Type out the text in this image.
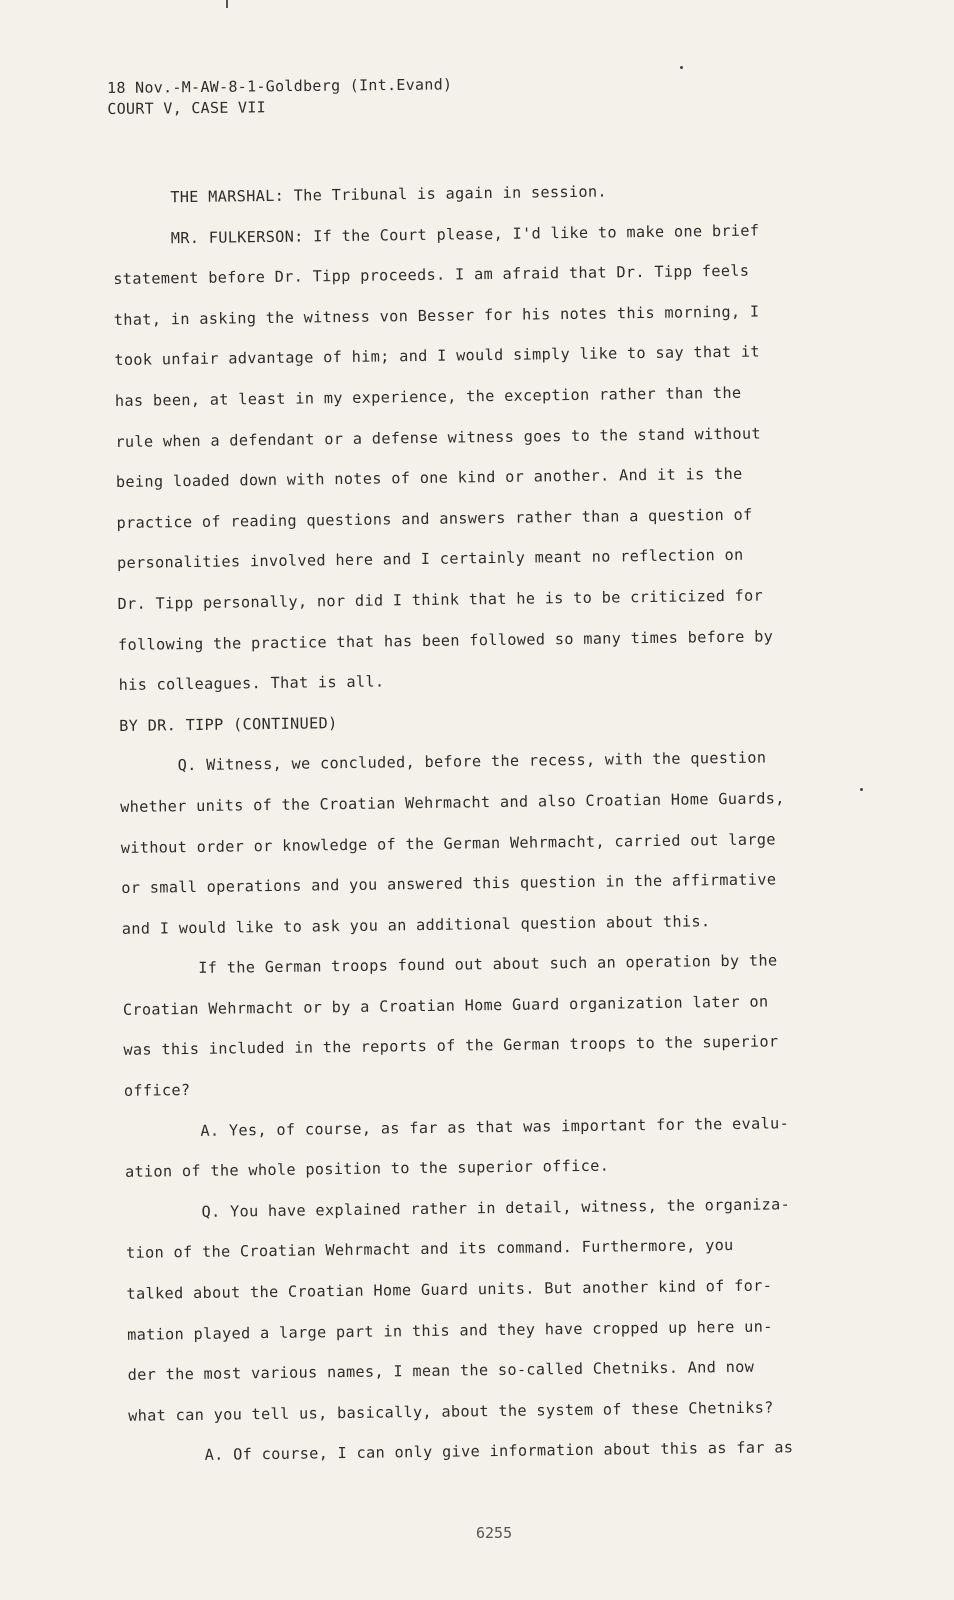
18 Nov.-M-AW-8-1-Goldberg (Int.Evand)
COURT V, CASE VII
THE MARSHAL: The Tribunal is again in session.
MR. FULKERSON: If the Court please, I'd like to make one brief
statement before Dr. Tipp proceeds. I am afraid that Dr. Tipp feels
that, in asking the witness von Besser for his notes this morning, I
took unfair advantage of him; and I would simply like to say that it
has been, at least in my experience, the exception rather than the
rule when a defendant or a defense witness goes to the stand without
being loaded down with notes of one kind or another. And it is the
practice of reading questions and answers rather than a question of
personalities involved here and I certainly meant no reflection on
Dr. Tipp personally, nor did I think that he is to be criticized for
following the practice that has been followed so many times before by
his colleagues. That is all.
BY DR. TIPP (CONTINUED)
Q. Witness, we concluded, before the recess, with the question
whether units of the Croatian Wehrmacht and also Croatian Home Guards,
without order or knowledge of the German Wehrmacht, carried out large
or small operations and you answered this question in the affirmative
and I would like to ask you an additional question about this.
If the German troops found out about such an operation by the
Croatian Wehrmacht or by a Croatian Home Guard organization later on
was this included in the reports of the German troops to the superior
office?
A. Yes, of course, as far as that was important for the evalu-
ation of the whole position to the superior office.
Q. You have explained rather in detail, witness, the organiza-
tion of the Croatian Wehrmacht and its command. Furthermore, you
talked about the Croatian Home Guard units. But another kind of for-
mation played a large part in this and they have cropped up here un-
der the most various names, I mean the so-called Chetniks. And now
what can you tell us, basically, about the system of these Chetniks?
A. Of course, I can only give information about this as far as
6255
